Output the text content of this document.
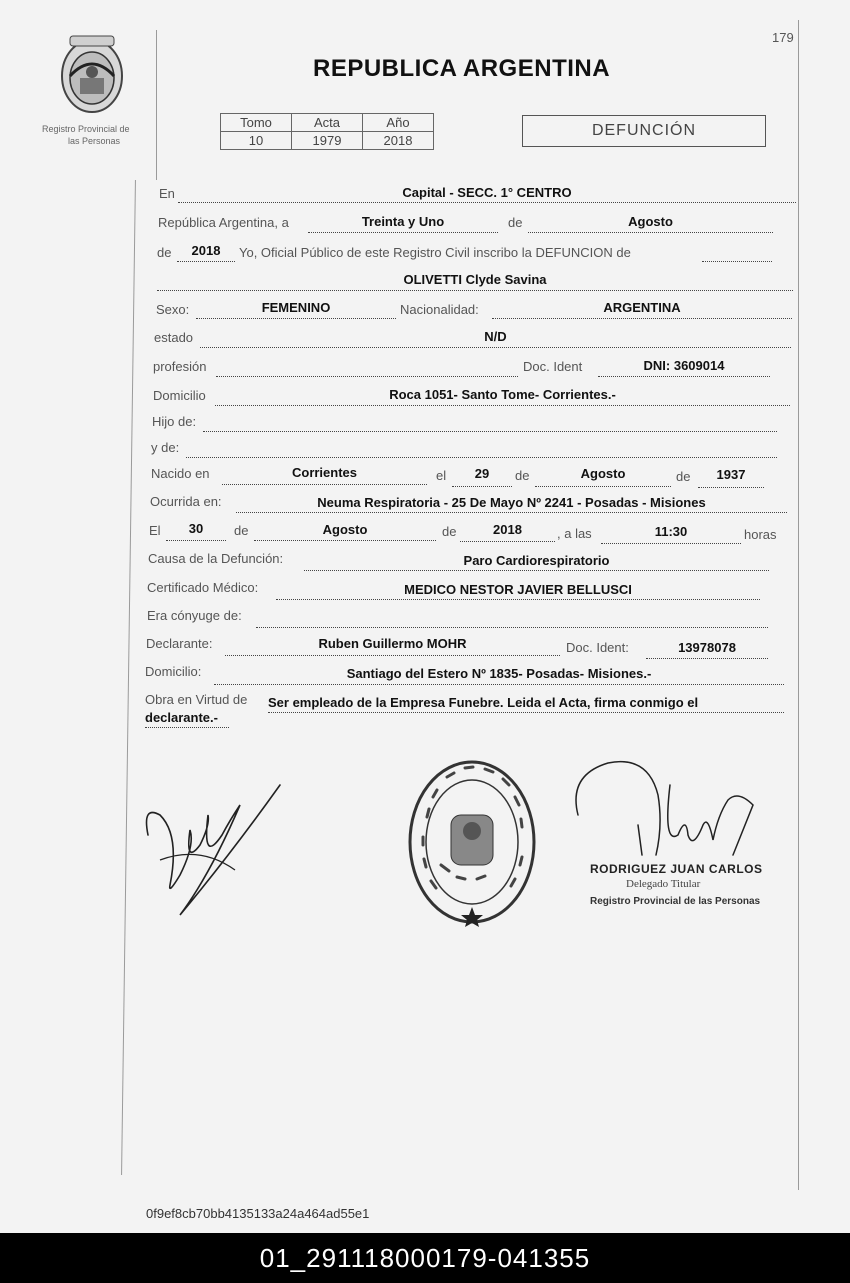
179
Registro Provincial de
las Personas
REPUBLICA ARGENTINA
Tomo	Acta	Año
10	1979	2018
DEFUNCIÓN
En	Capital - SECC. 1° CENTRO
República Argentina, a	Treinta y Uno	de	Agosto
de	2018	Yo, Oficial Público de este Registro Civil inscribo la DEFUNCION de
OLIVETTI Clyde Savina
Sexo:	FEMENINO	Nacionalidad:	ARGENTINA
estado	N/D
profesión	Doc. Ident	DNI: 3609014
Domicilio	Roca 1051- Santo Tome- Corrientes.-
Hijo de:
y de:
Nacido en	Corrientes	el	29	de	Agosto	de	1937
Ocurrida en:	Neuma Respiratoria - 25 De Mayo Nº 2241 - Posadas - Misiones
El	30	de	Agosto	de	2018	, a las	11:30	horas
Causa de la Defunción:	Paro Cardiorespiratorio
Certificado Médico:	MEDICO NESTOR JAVIER BELLUSCI
Era cónyuge de:
Declarante:	Ruben Guillermo MOHR	Doc. Ident:	13978078
Domicilio:	Santiago del Estero Nº 1835- Posadas- Misiones.-
Obra en Virtud de Ser empleado de la Empresa Funebre. Leida el Acta, firma conmigo el
declarante.-
RODRIGUEZ JUAN CARLOS
Delegado Titular
Registro Provincial de las Personas
0f9ef8cb70bb4135133a24a464ad55e1
01_291118000179-041355
